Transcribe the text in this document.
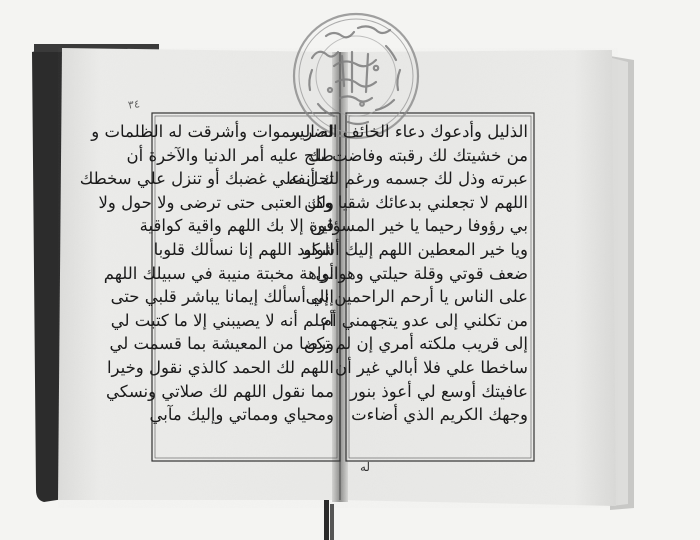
٣٤
الذليل وأدعوك دعاء الخائف الضرير
من خشيتك لك رقبته وفاضت لك
عبرته وذل لك جسمه ورغم لك أنفه
اللهم لا تجعلني بدعائك شقيا وكن
بي رؤوفا رحيما يا خير المسؤلين
ويا خير المعطين اللهم إليك أشكو
ضعف قوتي وقلة حيلتي وهواني
على الناس يا أرحم الراحمين إلى
من تكلني إلى عدو يتجهمني أم
إلى قريب ملكته أمري إن لم تكن
ساخطا علي فلا أبالي غير أن
عافيتك أوسع لي أعوذ بنور
وجهك الكريم الذي أضاءت
له السموات وأشرقت له الظلمات و
صلح عليه أمر الدنيا والآخرة أن
تحل علي غضبك أو تنزل علي سخطك
ولك العتبى حتى ترضى ولا حول ولا
قوة إلا بك اللهم واقية كواقية
الوليد اللهم إنا نسألك قلوبا
أواهة مخبتة منيبة في سبيلك اللهم
إني أسألك إيمانا يباشر قلبي حتى
أعلم أنه لا يصيبني إلا ما كتبت لي
ورضا من المعيشة بما قسمت لي
اللهم لك الحمد كالذي نقول وخيرا
مما نقول اللهم لك صلاتي ونسكي
ومحياي ومماتي وإليك مآبي
له
